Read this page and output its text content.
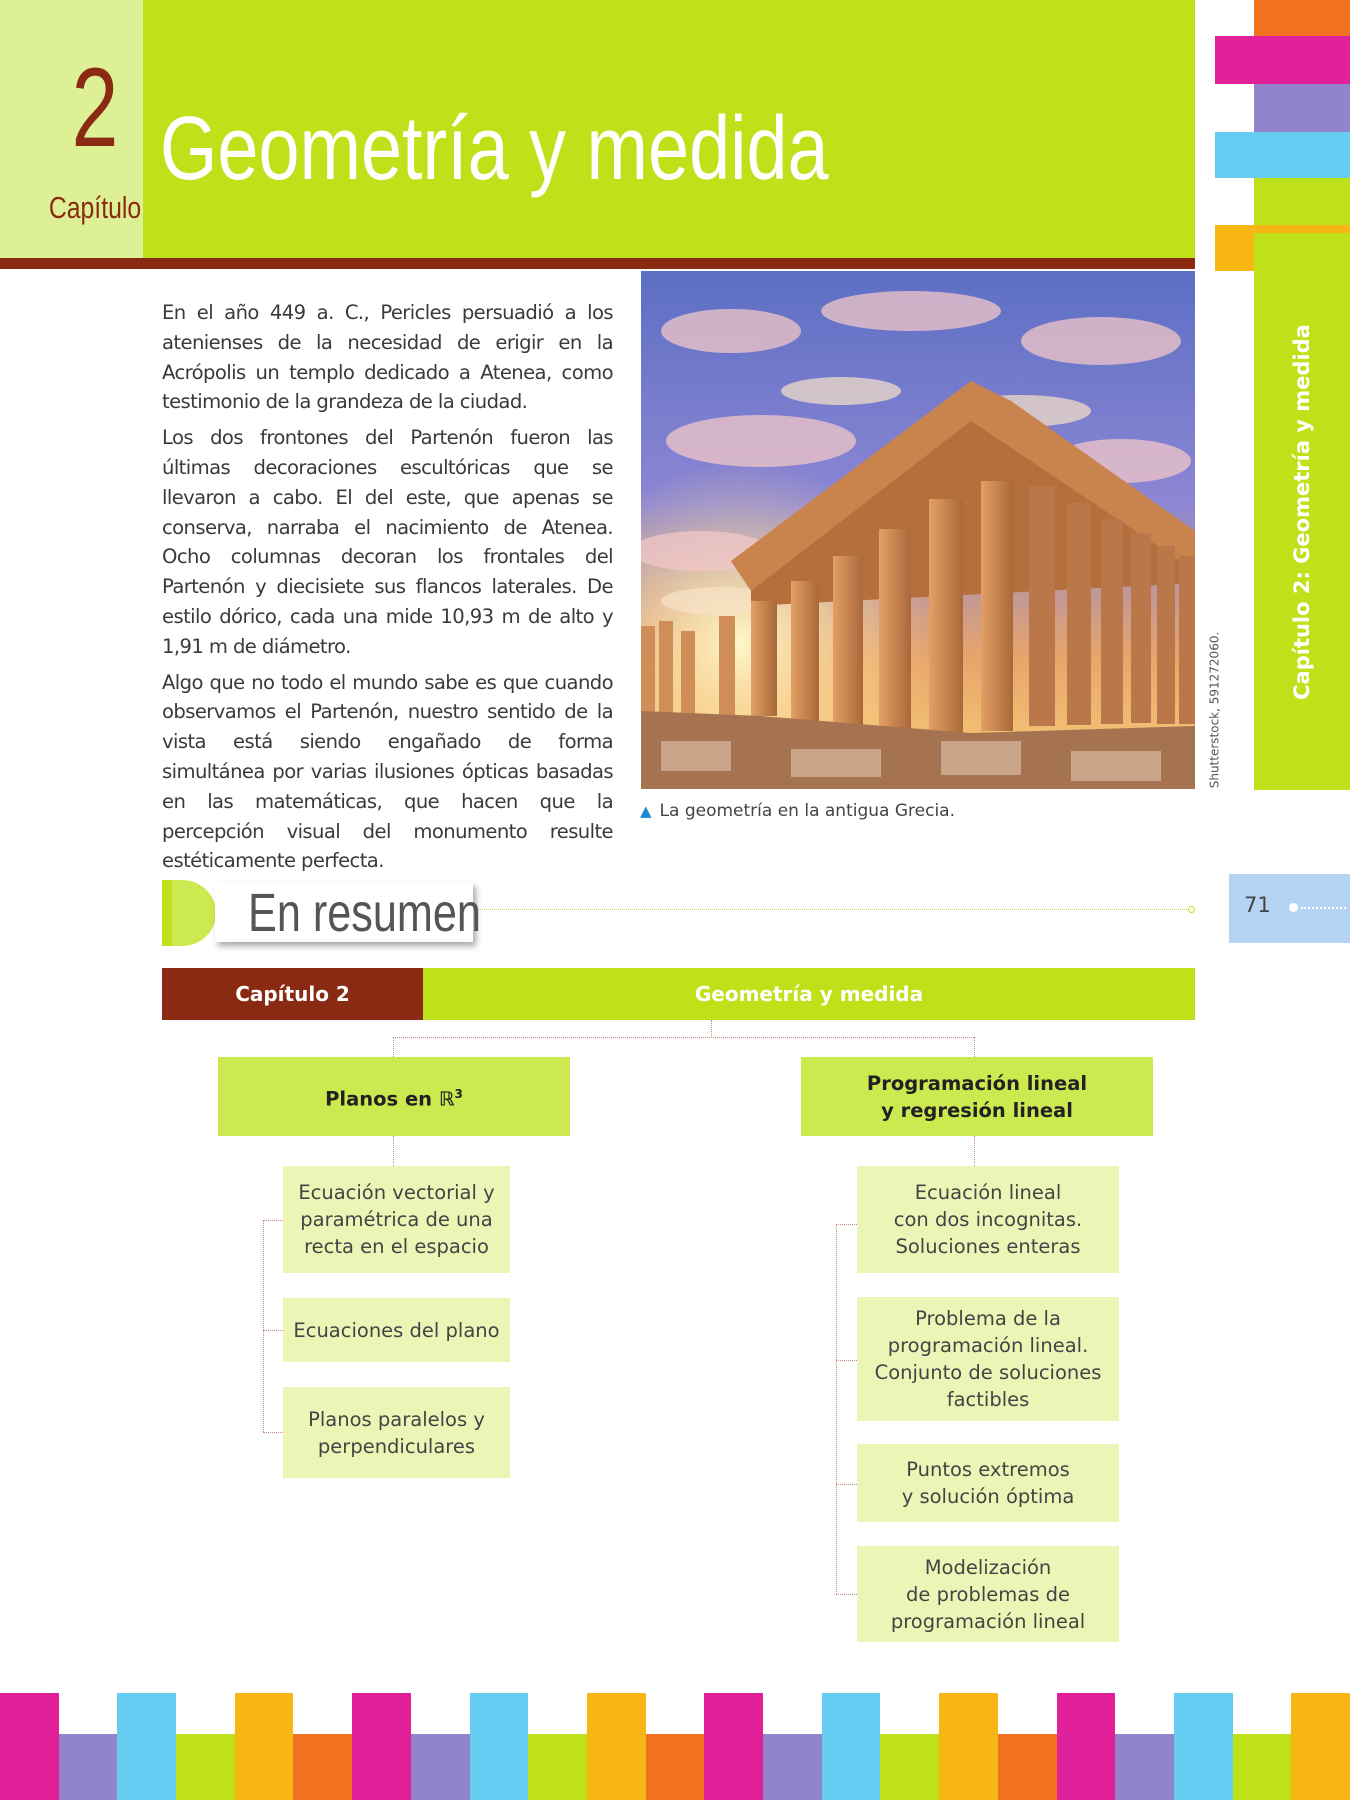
2
Capítulo
Geometría y medida
Capítulo 2: Geometría y medida
Shutterstock, 591272060.

En el año 449 a. C., Pericles persuadió a los atenienses de la necesidad de erigir en la Acrópolis un templo dedicado a Atenea, como testimonio de la grandeza de la ciudad.

Los dos frontones del Partenón fueron las últimas decoraciones escultóricas que se llevaron a cabo. El del este, que apenas se conserva, narraba el nacimiento de Atenea. Ocho columnas decoran los frontales del Partenón y diecisiete sus flancos laterales. De estilo dórico, cada una mide 10,93 m de alto y 1,91 m de diámetro.

Algo que no todo el mundo sabe es que cuando observamos el Partenón, nuestro sentido de la vista está siendo engañado de forma simultánea por varias ilusiones ópticas basadas en las matemáticas, que hacen que la percepción visual del monumento resulte estéticamente perfecta.

▲ La geometría en la antigua Grecia.
En resumen	71
Capítulo 2	Geometría y medida
Planos en ℝ$^3$	Programación lineal
y regresión lineal
Ecuación vectorial y
paramétrica de una
recta en el espacio
Ecuaciones del plano
Planos paralelos y
perpendiculares
Ecuación lineal
con dos incognitas.
Soluciones enteras
Problema de la
programación lineal.
Conjunto de soluciones
factibles
Puntos extremos
y solución óptima
Modelización
de problemas de
programación lineal
